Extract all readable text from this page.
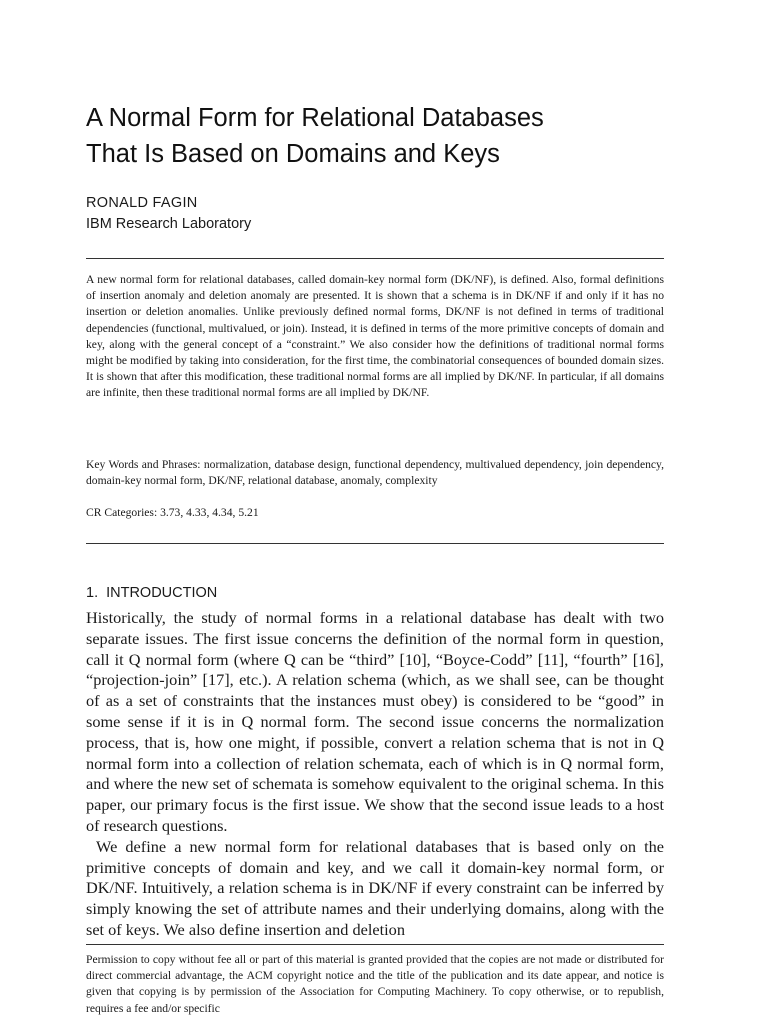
A Normal Form for Relational Databases
That Is Based on Domains and Keys
RONALD FAGIN
IBM Research Laboratory

A new normal form for relational databases, called domain-key normal form (DK/NF), is defined. Also, formal definitions of insertion anomaly and deletion anomaly are presented. It is shown that a schema is in DK/NF if and only if it has no insertion or deletion anomalies. Unlike previously defined normal forms, DK/NF is not defined in terms of traditional dependencies (functional, multivalued, or join). Instead, it is defined in terms of the more primitive concepts of domain and key, along with the general concept of a “constraint.” We also consider how the definitions of traditional normal forms might be modified by taking into consideration, for the first time, the combinatorial consequences of bounded domain sizes. It is shown that after this modification, these traditional normal forms are all implied by DK/NF. In particular, if all domains are infinite, then these traditional normal forms are all implied by DK/NF.

Key Words and Phrases: normalization, database design, functional dependency, multivalued dependency, join dependency, domain-key normal form, DK/NF, relational database, anomaly, complexity

CR Categories: 3.73, 4.33, 4.34, 5.21

1. INTRODUCTION

Historically, the study of normal forms in a relational database has dealt with two separate issues. The first issue concerns the definition of the normal form in question, call it Q normal form (where Q can be “third” [10], “Boyce-Codd” [11], “fourth” [16], “projection-join” [17], etc.). A relation schema (which, as we shall see, can be thought of as a set of constraints that the instances must obey) is considered to be “good” in some sense if it is in Q normal form. The second issue concerns the normalization process, that is, how one might, if possible, convert a relation schema that is not in Q normal form into a collection of relation schemata, each of which is in Q normal form, and where the new set of schemata is somehow equivalent to the original schema. In this paper, our primary focus is the first issue. We show that the second issue leads to a host of research questions.

We define a new normal form for relational databases that is based only on the primitive concepts of domain and key, and we call it domain-key normal form, or DK/NF. Intuitively, a relation schema is in DK/NF if every constraint can be inferred by simply knowing the set of attribute names and their underlying domains, along with the set of keys. We also define insertion and deletion

Permission to copy without fee all or part of this material is granted provided that the copies are not made or distributed for direct commercial advantage, the ACM copyright notice and the title of the publication and its date appear, and notice is given that copying is by permission of the Association for Computing Machinery. To copy otherwise, or to republish, requires a fee and/or specific
